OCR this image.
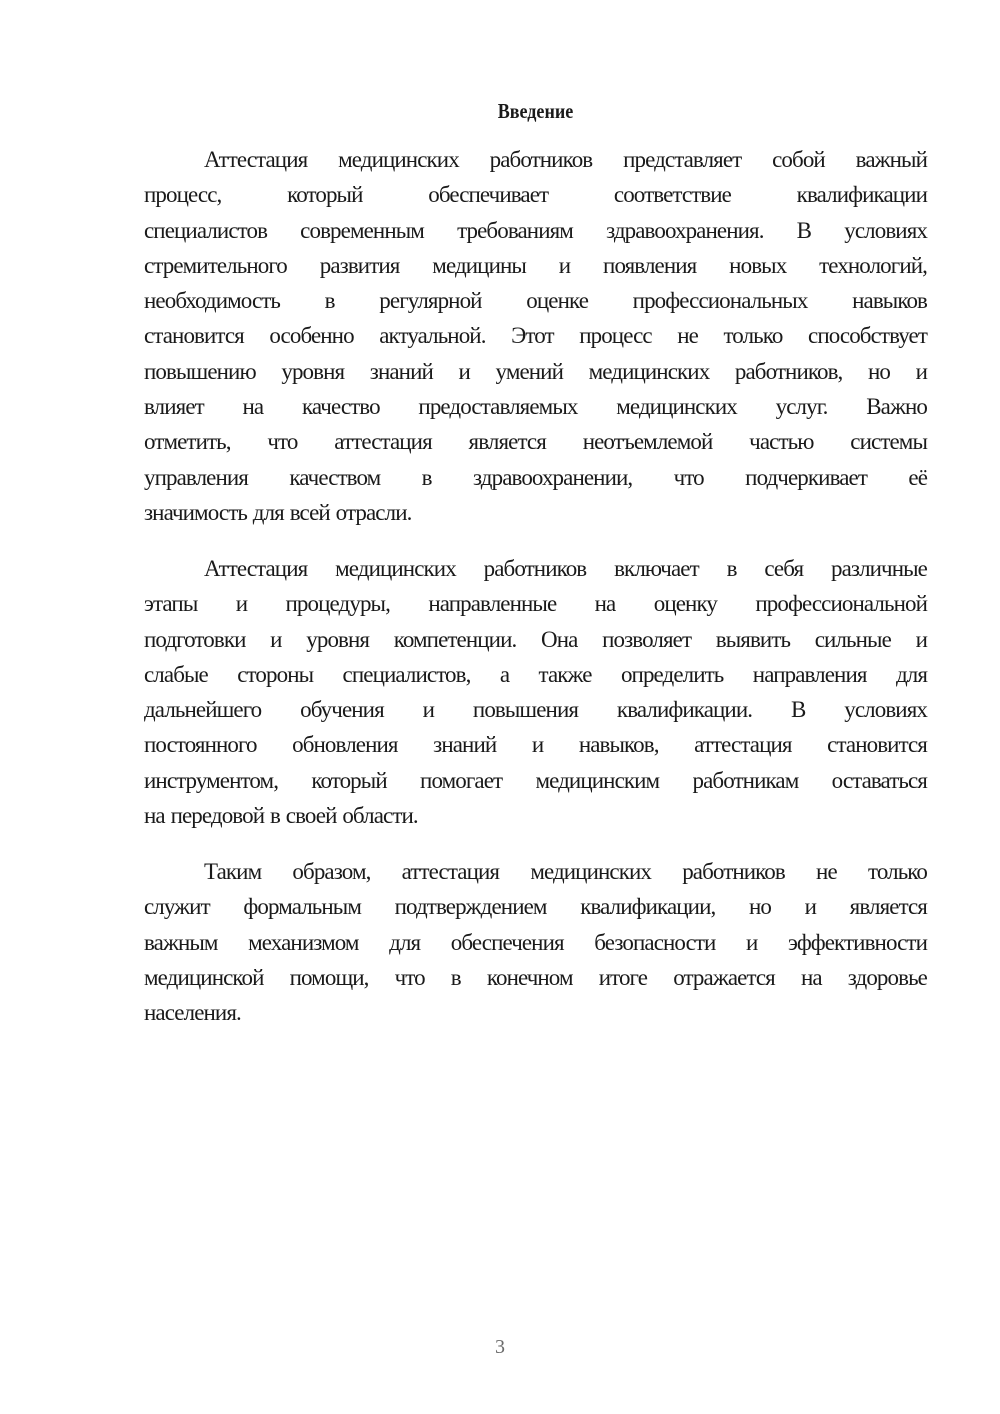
Введение
Аттестация медицинских работников представляет собой важный
процесс, который обеспечивает соответствие квалификации
специалистов современным требованиям здравоохранения. В условиях
стремительного развития медицины и появления новых технологий,
необходимость в регулярной оценке профессиональных навыков
становится особенно актуальной. Этот процесс не только способствует
повышению уровня знаний и умений медицинских работников, но и
влияет на качество предоставляемых медицинских услуг. Важно
отметить, что аттестация является неотъемлемой частью системы
управления качеством в здравоохранении, что подчеркивает её
значимость для всей отрасли.
Аттестация медицинских работников включает в себя различные
этапы и процедуры, направленные на оценку профессиональной
подготовки и уровня компетенции. Она позволяет выявить сильные и
слабые стороны специалистов, а также определить направления для
дальнейшего обучения и повышения квалификации. В условиях
постоянного обновления знаний и навыков, аттестация становится
инструментом, который помогает медицинским работникам оставаться
на передовой в своей области.
Таким образом, аттестация медицинских работников не только
служит формальным подтверждением квалификации, но и является
важным механизмом для обеспечения безопасности и эффективности
медицинской помощи, что в конечном итоге отражается на здоровье
населения.
3
